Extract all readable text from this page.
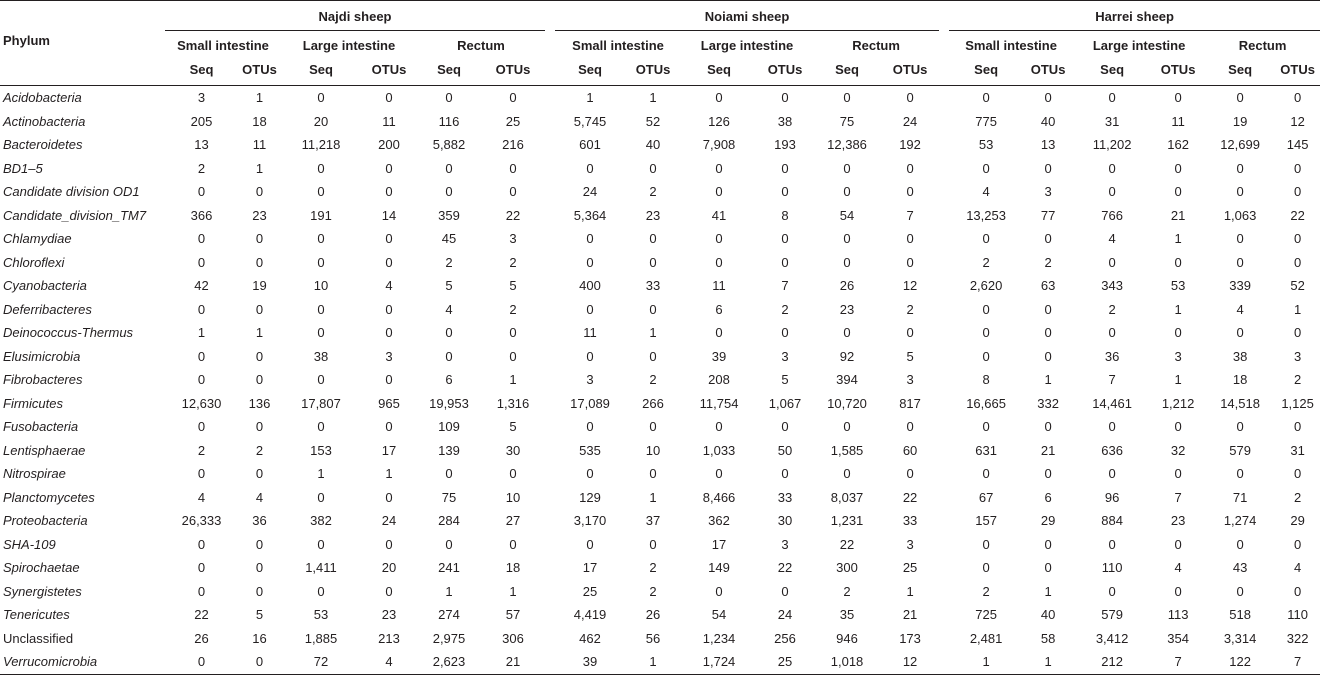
Phylum	Najdi sheep							Noiami sheep							Harrei sheep					
	Small intestine		Large intestine		Rectum			Small intestine		Large intestine		Rectum			Small intestine		Large intestine		Rectum	
	Seq	OTUs	Seq	OTUs	Seq	OTUs		Seq	OTUs	Seq	OTUs	Seq	OTUs		Seq	OTUs	Seq	OTUs	Seq	OTUs
Acidobacteria	3	1	0	0	0	0		1	1	0	0	0	0		0	0	0	0	0	0
Actinobacteria	205	18	20	11	116	25		5,745	52	126	38	75	24		775	40	31	11	19	12
Bacteroidetes	13	11	11,218	200	5,882	216		601	40	7,908	193	12,386	192		53	13	11,202	162	12,699	145
BD1–5	2	1	0	0	0	0		0	0	0	0	0	0		0	0	0	0	0	0
Candidate division OD1	0	0	0	0	0	0		24	2	0	0	0	0		4	3	0	0	0	0
Candidate_division_TM7	366	23	191	14	359	22		5,364	23	41	8	54	7		13,253	77	766	21	1,063	22
Chlamydiae	0	0	0	0	45	3		0	0	0	0	0	0		0	0	4	1	0	0
Chloroflexi	0	0	0	0	2	2		0	0	0	0	0	0		2	2	0	0	0	0
Cyanobacteria	42	19	10	4	5	5		400	33	11	7	26	12		2,620	63	343	53	339	52
Deferribacteres	0	0	0	0	4	2		0	0	6	2	23	2		0	0	2	1	4	1
Deinococcus-Thermus	1	1	0	0	0	0		11	1	0	0	0	0		0	0	0	0	0	0
Elusimicrobia	0	0	38	3	0	0		0	0	39	3	92	5		0	0	36	3	38	3
Fibrobacteres	0	0	0	0	6	1		3	2	208	5	394	3		8	1	7	1	18	2
Firmicutes	12,630	136	17,807	965	19,953	1,316		17,089	266	11,754	1,067	10,720	817		16,665	332	14,461	1,212	14,518	1,125
Fusobacteria	0	0	0	0	109	5		0	0	0	0	0	0		0	0	0	0	0	0
Lentisphaerae	2	2	153	17	139	30		535	10	1,033	50	1,585	60		631	21	636	32	579	31
Nitrospirae	0	0	1	1	0	0		0	0	0	0	0	0		0	0	0	0	0	0
Planctomycetes	4	4	0	0	75	10		129	1	8,466	33	8,037	22		67	6	96	7	71	2
Proteobacteria	26,333	36	382	24	284	27		3,170	37	362	30	1,231	33		157	29	884	23	1,274	29
SHA-109	0	0	0	0	0	0		0	0	17	3	22	3		0	0	0	0	0	0
Spirochaetae	0	0	1,411	20	241	18		17	2	149	22	300	25		0	0	110	4	43	4
Synergistetes	0	0	0	0	1	1		25	2	0	0	2	1		2	1	0	0	0	0
Tenericutes	22	5	53	23	274	57		4,419	26	54	24	35	21		725	40	579	113	518	110
Unclassified	26	16	1,885	213	2,975	306		462	56	1,234	256	946	173		2,481	58	3,412	354	3,314	322
Verrucomicrobia	0	0	72	4	2,623	21		39	1	1,724	25	1,018	12		1	1	212	7	122	7
